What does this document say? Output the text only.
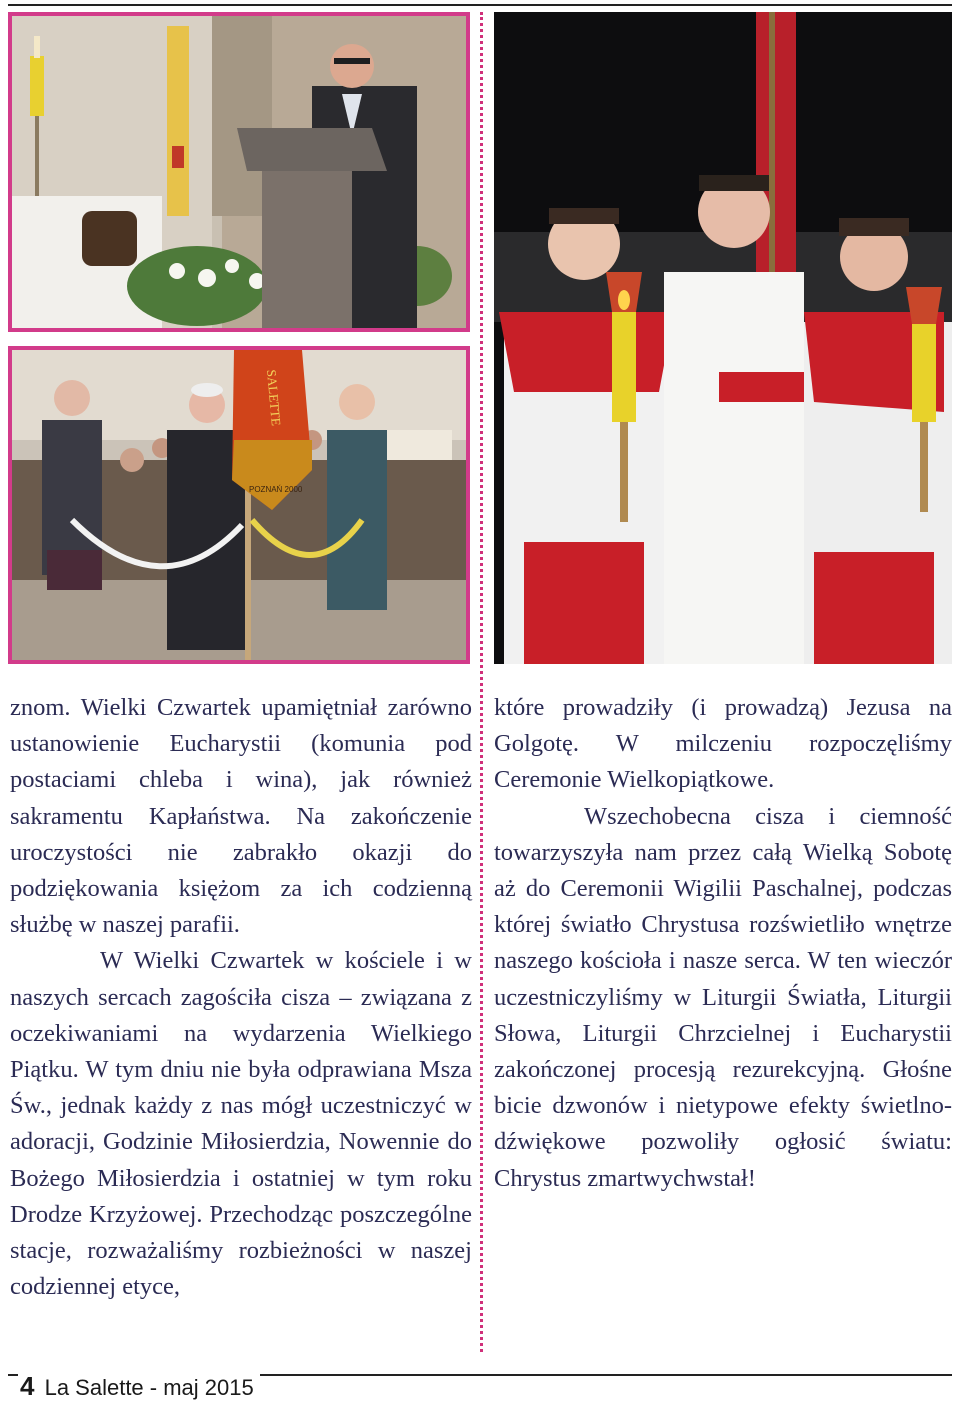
SALETTE
POZNAŃ 2000

znom. Wielki Czwartek upamiętniał zarówno ustanowienie Eucharystii (komunia pod postaciami chleba i wina), jak również sakramentu Kapłaństwa. Na zakończenie uroczystości nie zabrakło okazji do podziękowania księżom za ich codzienną służbę w naszej parafii.

W Wielki Czwartek w kościele i w naszych sercach zagościła cisza – związana z oczekiwaniami na wydarzenia Wielkiego Piątku. W tym dniu nie była odprawiana Msza Św., jednak każdy z nas mógł uczestniczyć w adoracji, Godzinie Miłosierdzia, Nowennie do Bożego Miłosierdzia i ostatniej w tym roku Drodze Krzyżowej. Przechodząc poszczególne stacje, rozważaliśmy rozbieżności w naszej codziennej etyce,

które prowadziły (i prowadzą) Jezusa na Golgotę. W milczeniu rozpoczęliśmy Ceremonie Wielkopiątkowe.

Wszechobecna cisza i ciemność towarzyszyła nam przez całą Wielką Sobotę aż do Ceremonii Wigilii Paschalnej, podczas której światło Chrystusa rozświetliło wnętrze naszego kościoła i nasze serca. W ten wieczór uczestniczyliśmy w Liturgii Światła, Liturgii Słowa, Liturgii Chrzcielnej i Eucharystii zakończonej procesją rezurekcyjną. Głośne bicie dzwonów i nietypowe efekty świetlno-dźwiękowe pozwoliły ogłosić światu: Chrystus zmartwychwstał!

4 La Salette - maj 2015
